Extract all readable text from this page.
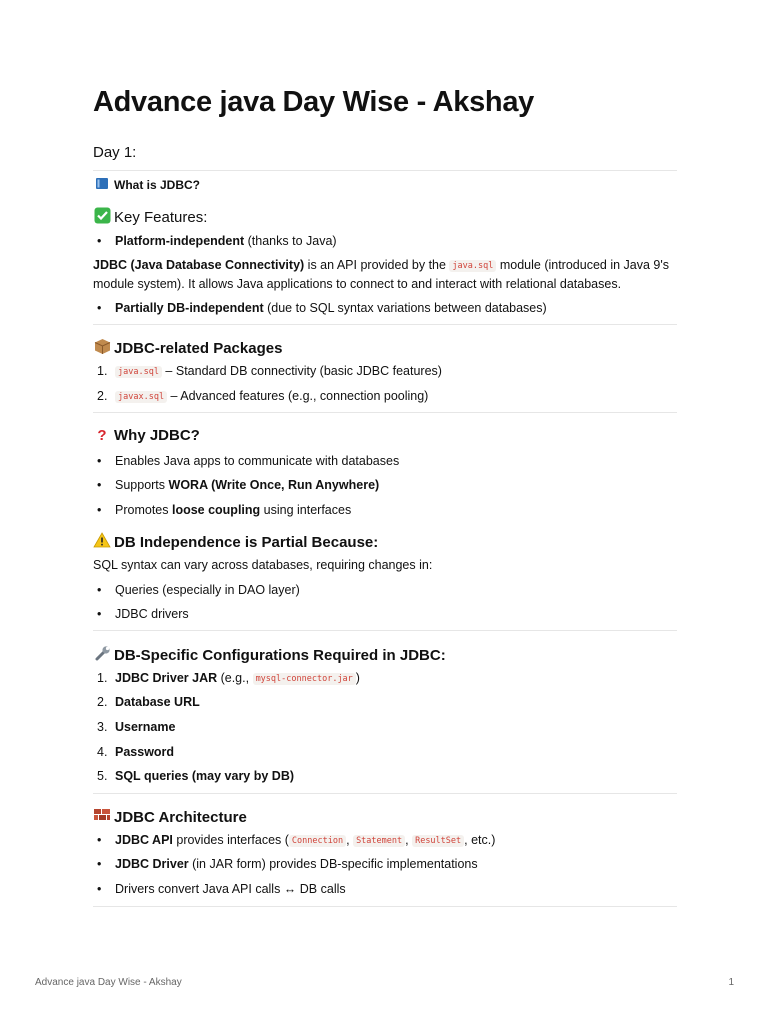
Advance java Day Wise - Akshay
Day 1:
What is JDBC?
Key Features:
• Platform-independent (thanks to Java)
JDBC (Java Database Connectivity) is an API provided by the java.sql module (introduced in Java 9's module system). It allows Java applications to connect to and interact with relational databases.
• Partially DB-independent (due to SQL syntax variations between databases)
JDBC-related Packages
1. java.sql – Standard DB connectivity (basic JDBC features)
2. javax.sql – Advanced features (e.g., connection pooling)
? Why JDBC?
• Enables Java apps to communicate with databases
• Supports WORA (Write Once, Run Anywhere)
• Promotes loose coupling using interfaces
DB Independence is Partial Because:
SQL syntax can vary across databases, requiring changes in:
• Queries (especially in DAO layer)
• JDBC drivers
DB-Specific Configurations Required in JDBC:
1. JDBC Driver JAR (e.g., mysql-connector.jar )
2. Database URL
3. Username
4. Password
5. SQL queries (may vary by DB)
JDBC Architecture
• JDBC API provides interfaces ( Connection , Statement , ResultSet , etc.)
• JDBC Driver (in JAR form) provides DB-specific implementations
• Drivers convert Java API calls ↔ DB calls
Advance java Day Wise - Akshay	1
